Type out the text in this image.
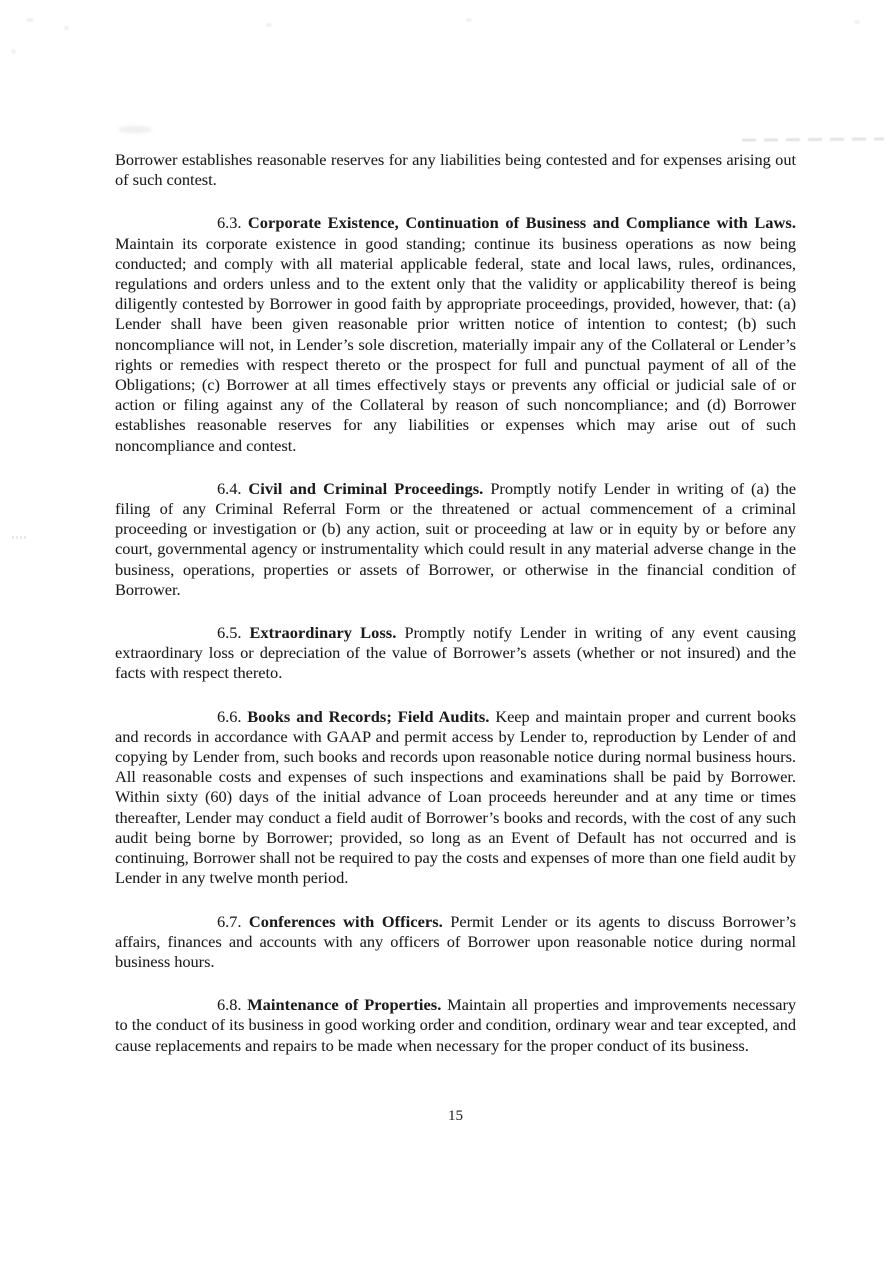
Borrower establishes reasonable reserves for any liabilities being contested and for expenses arising out of such contest.

6.3. Corporate Existence, Continuation of Business and Compliance with Laws. Maintain its corporate existence in good standing; continue its business operations as now being conducted; and comply with all material applicable federal, state and local laws, rules, ordinances, regulations and orders unless and to the extent only that the validity or applicability thereof is being diligently contested by Borrower in good faith by appropriate proceedings, provided, however, that: (a) Lender shall have been given reasonable prior written notice of intention to contest; (b) such noncompliance will not, in Lender’s sole discretion, materially impair any of the Collateral or Lender’s rights or remedies with respect thereto or the prospect for full and punctual payment of all of the Obligations; (c) Borrower at all times effectively stays or prevents any official or judicial sale of or action or filing against any of the Collateral by reason of such noncompliance; and (d) Borrower establishes reasonable reserves for any liabilities or expenses which may arise out of such noncompliance and contest.

6.4. Civil and Criminal Proceedings. Promptly notify Lender in writing of (a) the filing of any Criminal Referral Form or the threatened or actual commencement of a criminal proceeding or investigation or (b) any action, suit or proceeding at law or in equity by or before any court, governmental agency or instrumentality which could result in any material adverse change in the business, operations, properties or assets of Borrower, or otherwise in the financial condition of Borrower.

6.5. Extraordinary Loss. Promptly notify Lender in writing of any event causing extraordinary loss or depreciation of the value of Borrower’s assets (whether or not insured) and the facts with respect thereto.

6.6. Books and Records; Field Audits. Keep and maintain proper and current books and records in accordance with GAAP and permit access by Lender to, reproduction by Lender of and copying by Lender from, such books and records upon reasonable notice during normal business hours. All reasonable costs and expenses of such inspections and examinations shall be paid by Borrower. Within sixty (60) days of the initial advance of Loan proceeds hereunder and at any time or times thereafter, Lender may conduct a field audit of Borrower’s books and records, with the cost of any such audit being borne by Borrower; provided, so long as an Event of Default has not occurred and is continuing, Borrower shall not be required to pay the costs and expenses of more than one field audit by Lender in any twelve month period.

6.7. Conferences with Officers. Permit Lender or its agents to discuss Borrower’s affairs, finances and accounts with any officers of Borrower upon reasonable notice during normal business hours.

6.8. Maintenance of Properties. Maintain all properties and improvements necessary to the conduct of its business in good working order and condition, ordinary wear and tear excepted, and cause replacements and repairs to be made when necessary for the proper conduct of its business.

15
